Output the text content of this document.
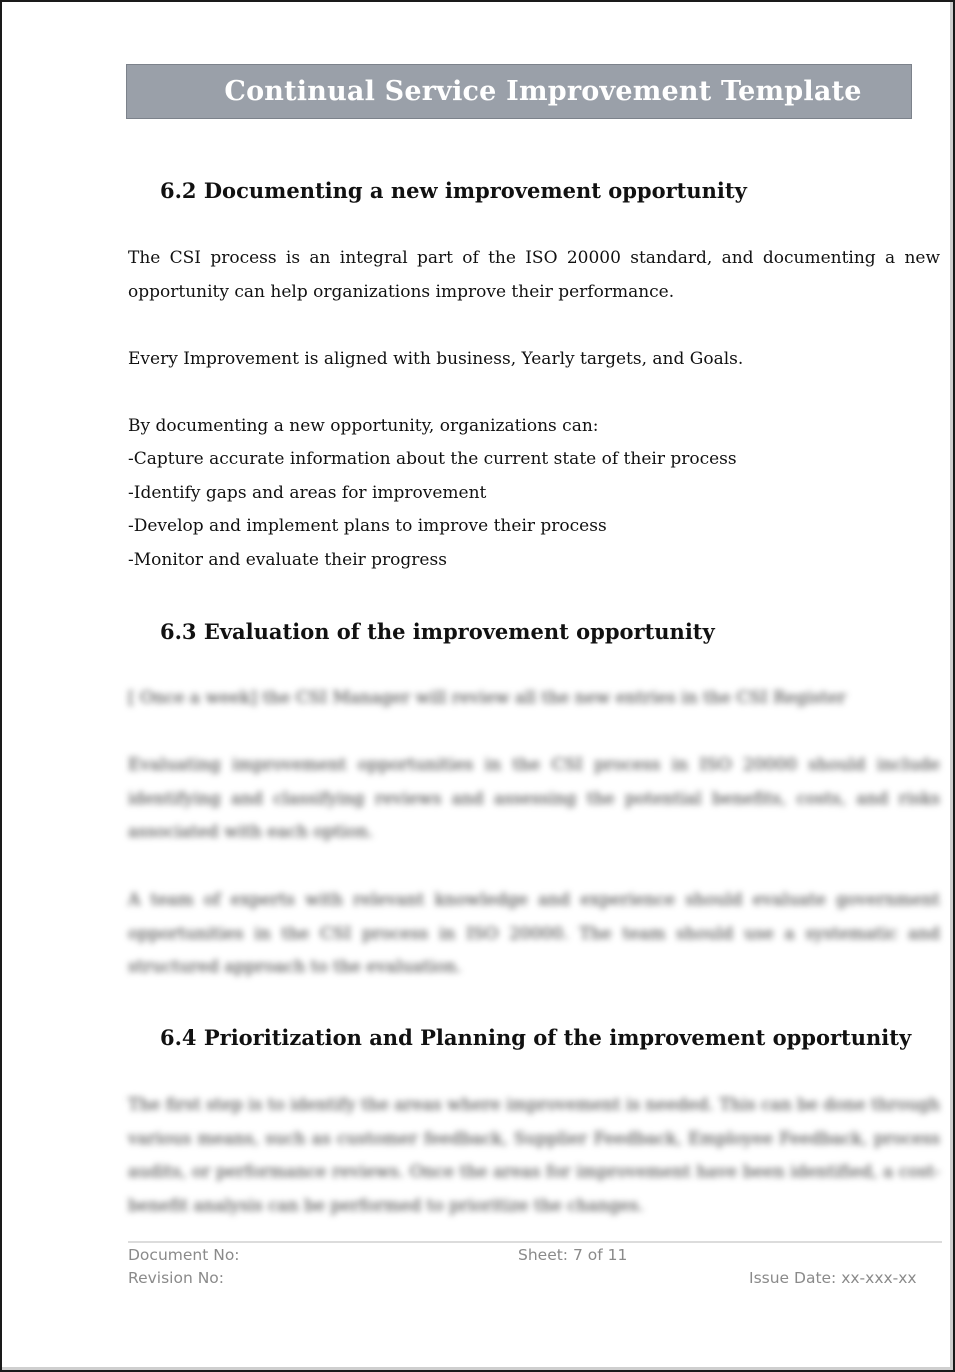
Continual Service Improvement Template
6.2 Documenting a new improvement opportunity

The CSI process is an integral part of the ISO 20000 standard, and documenting a new opportunity can help organizations improve their performance.

Every Improvement is aligned with business, Yearly targets, and Goals.

By documenting a new opportunity, organizations can:

-Capture accurate information about the current state of their process

-Identify gaps and areas for improvement

-Develop and implement plans to improve their process

-Monitor and evaluate their progress

6.3 Evaluation of the improvement opportunity

[ Once a week] the CSI Manager will review all the new entries in the CSI Register

Evaluating improvement opportunities in the CSI process in ISO 20000 should include identifying and classifying reviews and assessing the potential benefits, costs, and risks associated with each option.

A team of experts with relevant knowledge and experience should evaluate government opportunities in the CSI process in ISO 20000. The team should use a systematic and structured approach to the evaluation.

6.4 Prioritization and Planning of the improvement opportunity

The first step is to identify the areas where improvement is needed. This can be done through various means, such as customer feedback, Supplier Feedback, Employee Feedback, process audits, or performance reviews. Once the areas for improvement have been identified, a cost-benefit analysis can be performed to prioritize the changes.

Document No:	Sheet: 7 of 11

Revision No:	Issue Date: xx-xxx-xx
